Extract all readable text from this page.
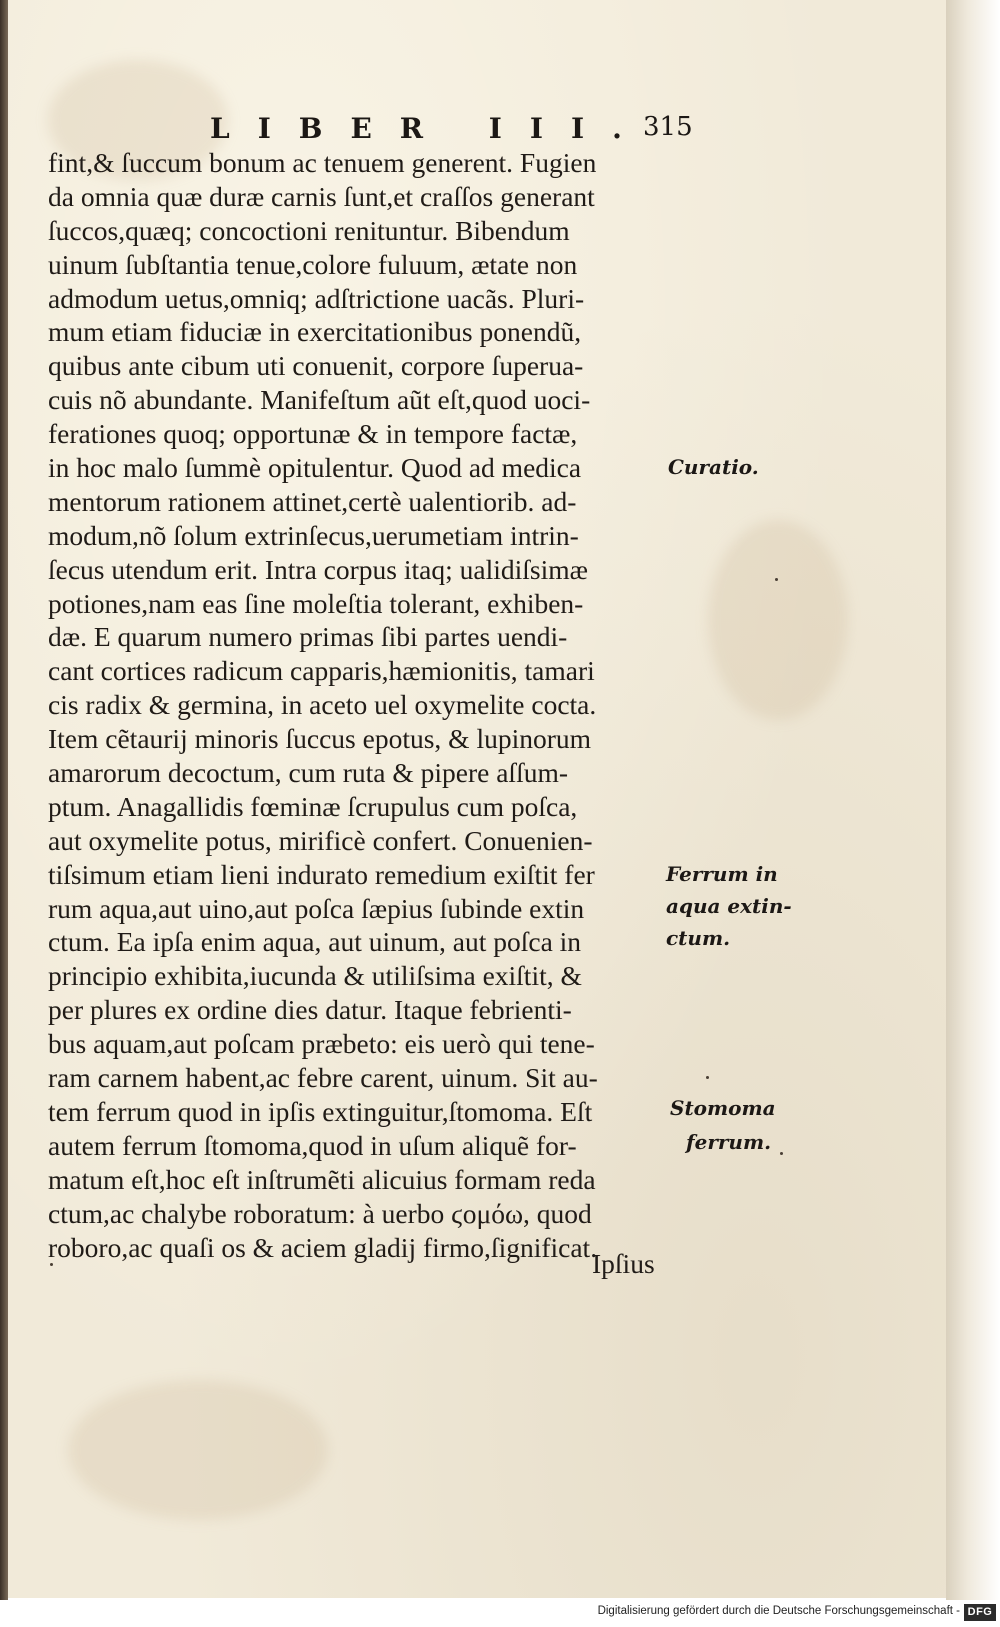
LIBER III.
315
fint,& ſuccum bonum ac tenuem generent. Fugien
da omnia quæ duræ carnis ſunt,et craſſos generant
ſuccos,quæq; concoctioni renituntur. Bibendum
uinum ſubſtantia tenue,colore fuluum, ætate non
admodum uetus,omniq; adſtrictione uacãs. Pluri-
mum etiam fiduciæ in exercitationibus ponendũ,
quibus ante cibum uti conuenit, corpore ſuperua-
cuis nõ abundante. Manifeſtum aũt eſt,quod uoci-
ferationes quoq; opportunæ & in tempore factæ,
in hoc malo ſummè opitulentur. Quod ad medica
mentorum rationem attinet,certè ualentiorib. ad-
modum,nõ ſolum extrinſecus,uerumetiam intrin-
ſecus utendum erit. Intra corpus itaq; ualidiſsimæ
potiones,nam eas ſine moleſtia tolerant, exhiben-
dæ. E quarum numero primas ſibi partes uendi-
cant cortices radicum capparis,hæmionitis, tamari
cis radix & germina, in aceto uel oxymelite cocta.
Item cẽtaurij minoris ſuccus epotus, & lupinorum
amarorum decoctum, cum ruta & pipere aſſum-
ptum. Anagallidis fœminæ ſcrupulus cum poſca,
aut oxymelite potus, mirificè confert. Conuenien-
tiſsimum etiam lieni indurato remedium exiſtit fer
rum aqua,aut uino,aut poſca ſæpius ſubinde extin
ctum. Ea ipſa enim aqua, aut uinum, aut poſca in
principio exhibita,iucunda & utiliſsima exiſtit, &
per plures ex ordine dies datur. Itaque febrienti-
bus aquam,aut poſcam præbeto: eis uerò qui tene-
ram carnem habent,ac febre carent, uinum. Sit au-
tem ferrum quod in ipſis extinguitur,ſtomoma. Eſt
autem ferrum ſtomoma,quod in uſum aliquẽ for-
matum eſt,hoc eſt inſtrumẽti alicuius formam reda
ctum,ac chalybe roboratum: à uerbo ϛομόω, quod
roboro,ac quaſi os & aciem gladij firmo,ſignificat.
Ipſius
Curatio.
Ferrum in
aqua extin-
ctum.
Stomoma
ferrum.
Digitalisierung gefördert durch die Deutsche Forschungsgemeinschaft - DFG
